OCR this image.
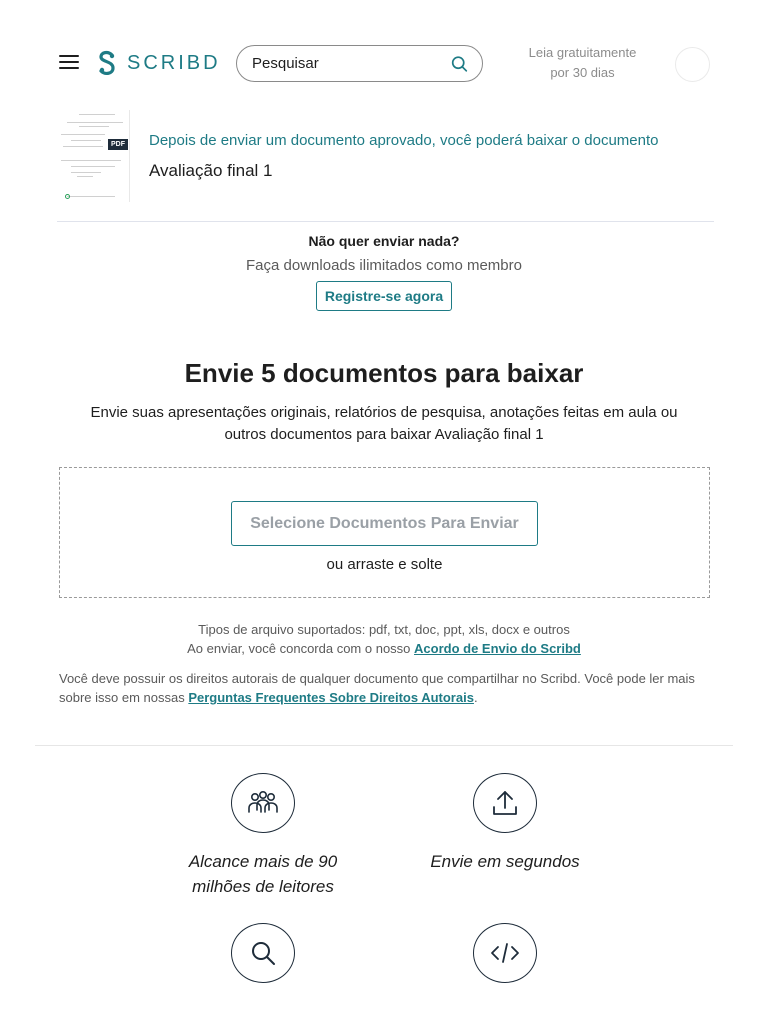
SCRIBD
Pesquisar	Leia gratuitamente
por 30 dias
PDF Depois de enviar um documento aprovado, você poderá baixar o documento
Avaliação final 1
Não quer enviar nada?

Faça downloads ilimitados como membro

Registre-se agora
Envie 5 documentos para baixar

Envie suas apresentações originais, relatórios de pesquisa, anotações feitas em aula ou outros documentos para baixar Avaliação final 1

Selecione Documentos Para Enviar
ou arraste e solte
Tipos de arquivo suportados: pdf, txt, doc, ppt, xls, docx e outros
Ao enviar, você concorda com o nosso Acordo de Envio do Scribd
Você deve possuir os direitos autorais de qualquer documento que compartilhar no Scribd. Você pode ler mais sobre isso em nossas Perguntas Frequentes Sobre Direitos Autorais.
Alcance mais de 90
milhões de leitores
Envie em segundos
